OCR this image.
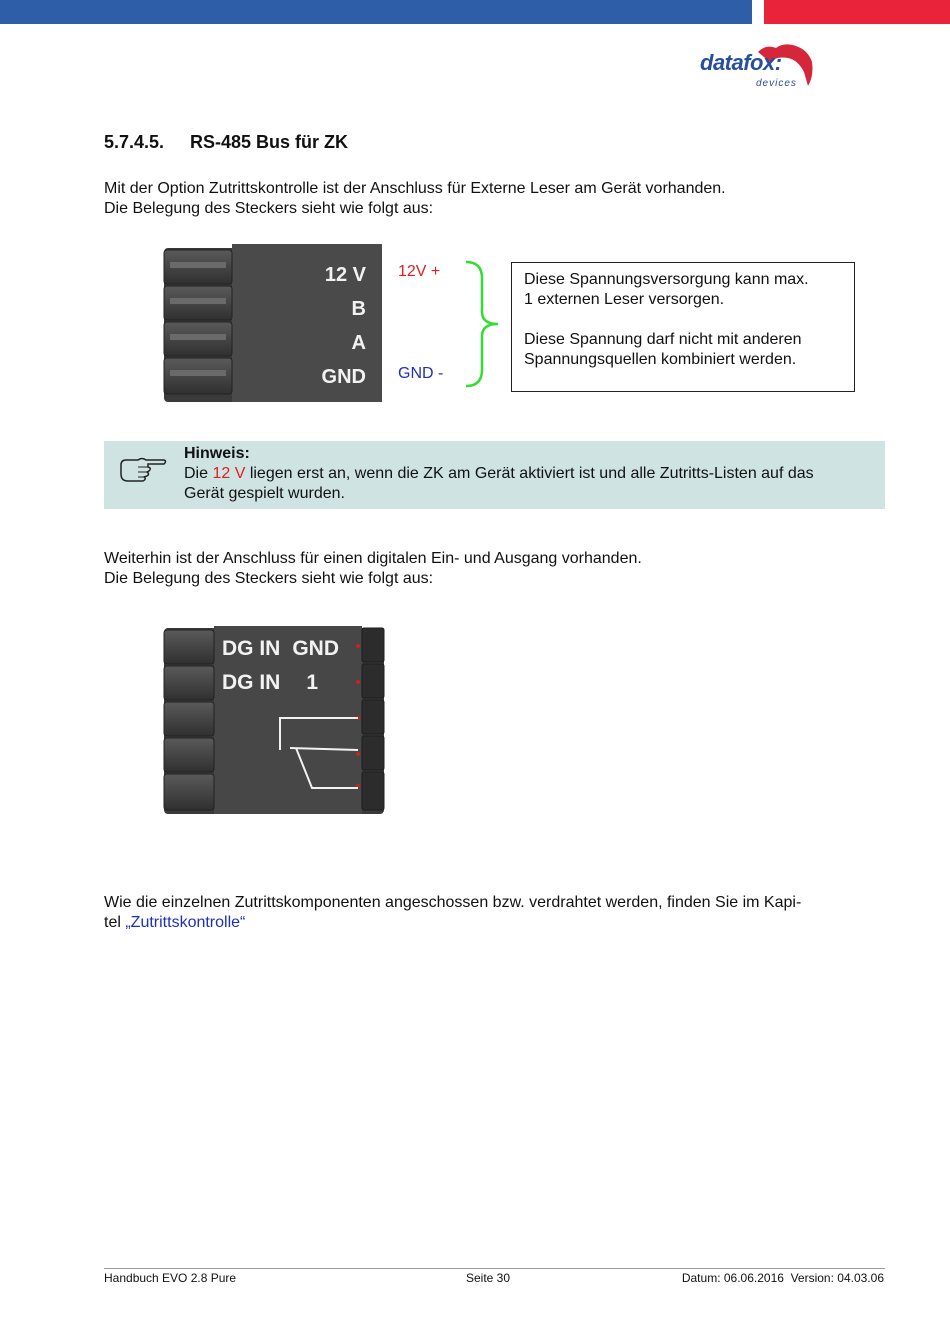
datafox:
devices
5.7.4.5. RS-485 Bus für ZK
Mit der Option Zutrittskontrolle ist der Anschluss für Externe Leser am Gerät vorhanden.
Die Belegung des Steckers sieht wie folgt aus:
12 V
B
A
GND
12V +
GND -
Diese Spannungsversorgung kann max.
1 externen Leser versorgen.
Diese Spannung darf nicht mit anderen
Spannungsquellen kombiniert werden.
Hinweis:
Die 12 V liegen erst an, wenn die ZK am Gerät aktiviert ist und alle Zutritts-Listen auf das
Gerät gespielt wurden.
Weiterhin ist der Anschluss für einen digitalen Ein- und Ausgang vorhanden.
Die Belegung des Steckers sieht wie folgt aus:
DG IN GND
DG IN 1
Wie die einzelnen Zutrittskomponenten angeschossen bzw. verdrahtet werden, finden Sie im Kapi-
tel „Zutrittskontrolle“
Handbuch EVO 2.8 Pure	Seite 30	Datum: 06.06.2016  Version: 04.03.06
